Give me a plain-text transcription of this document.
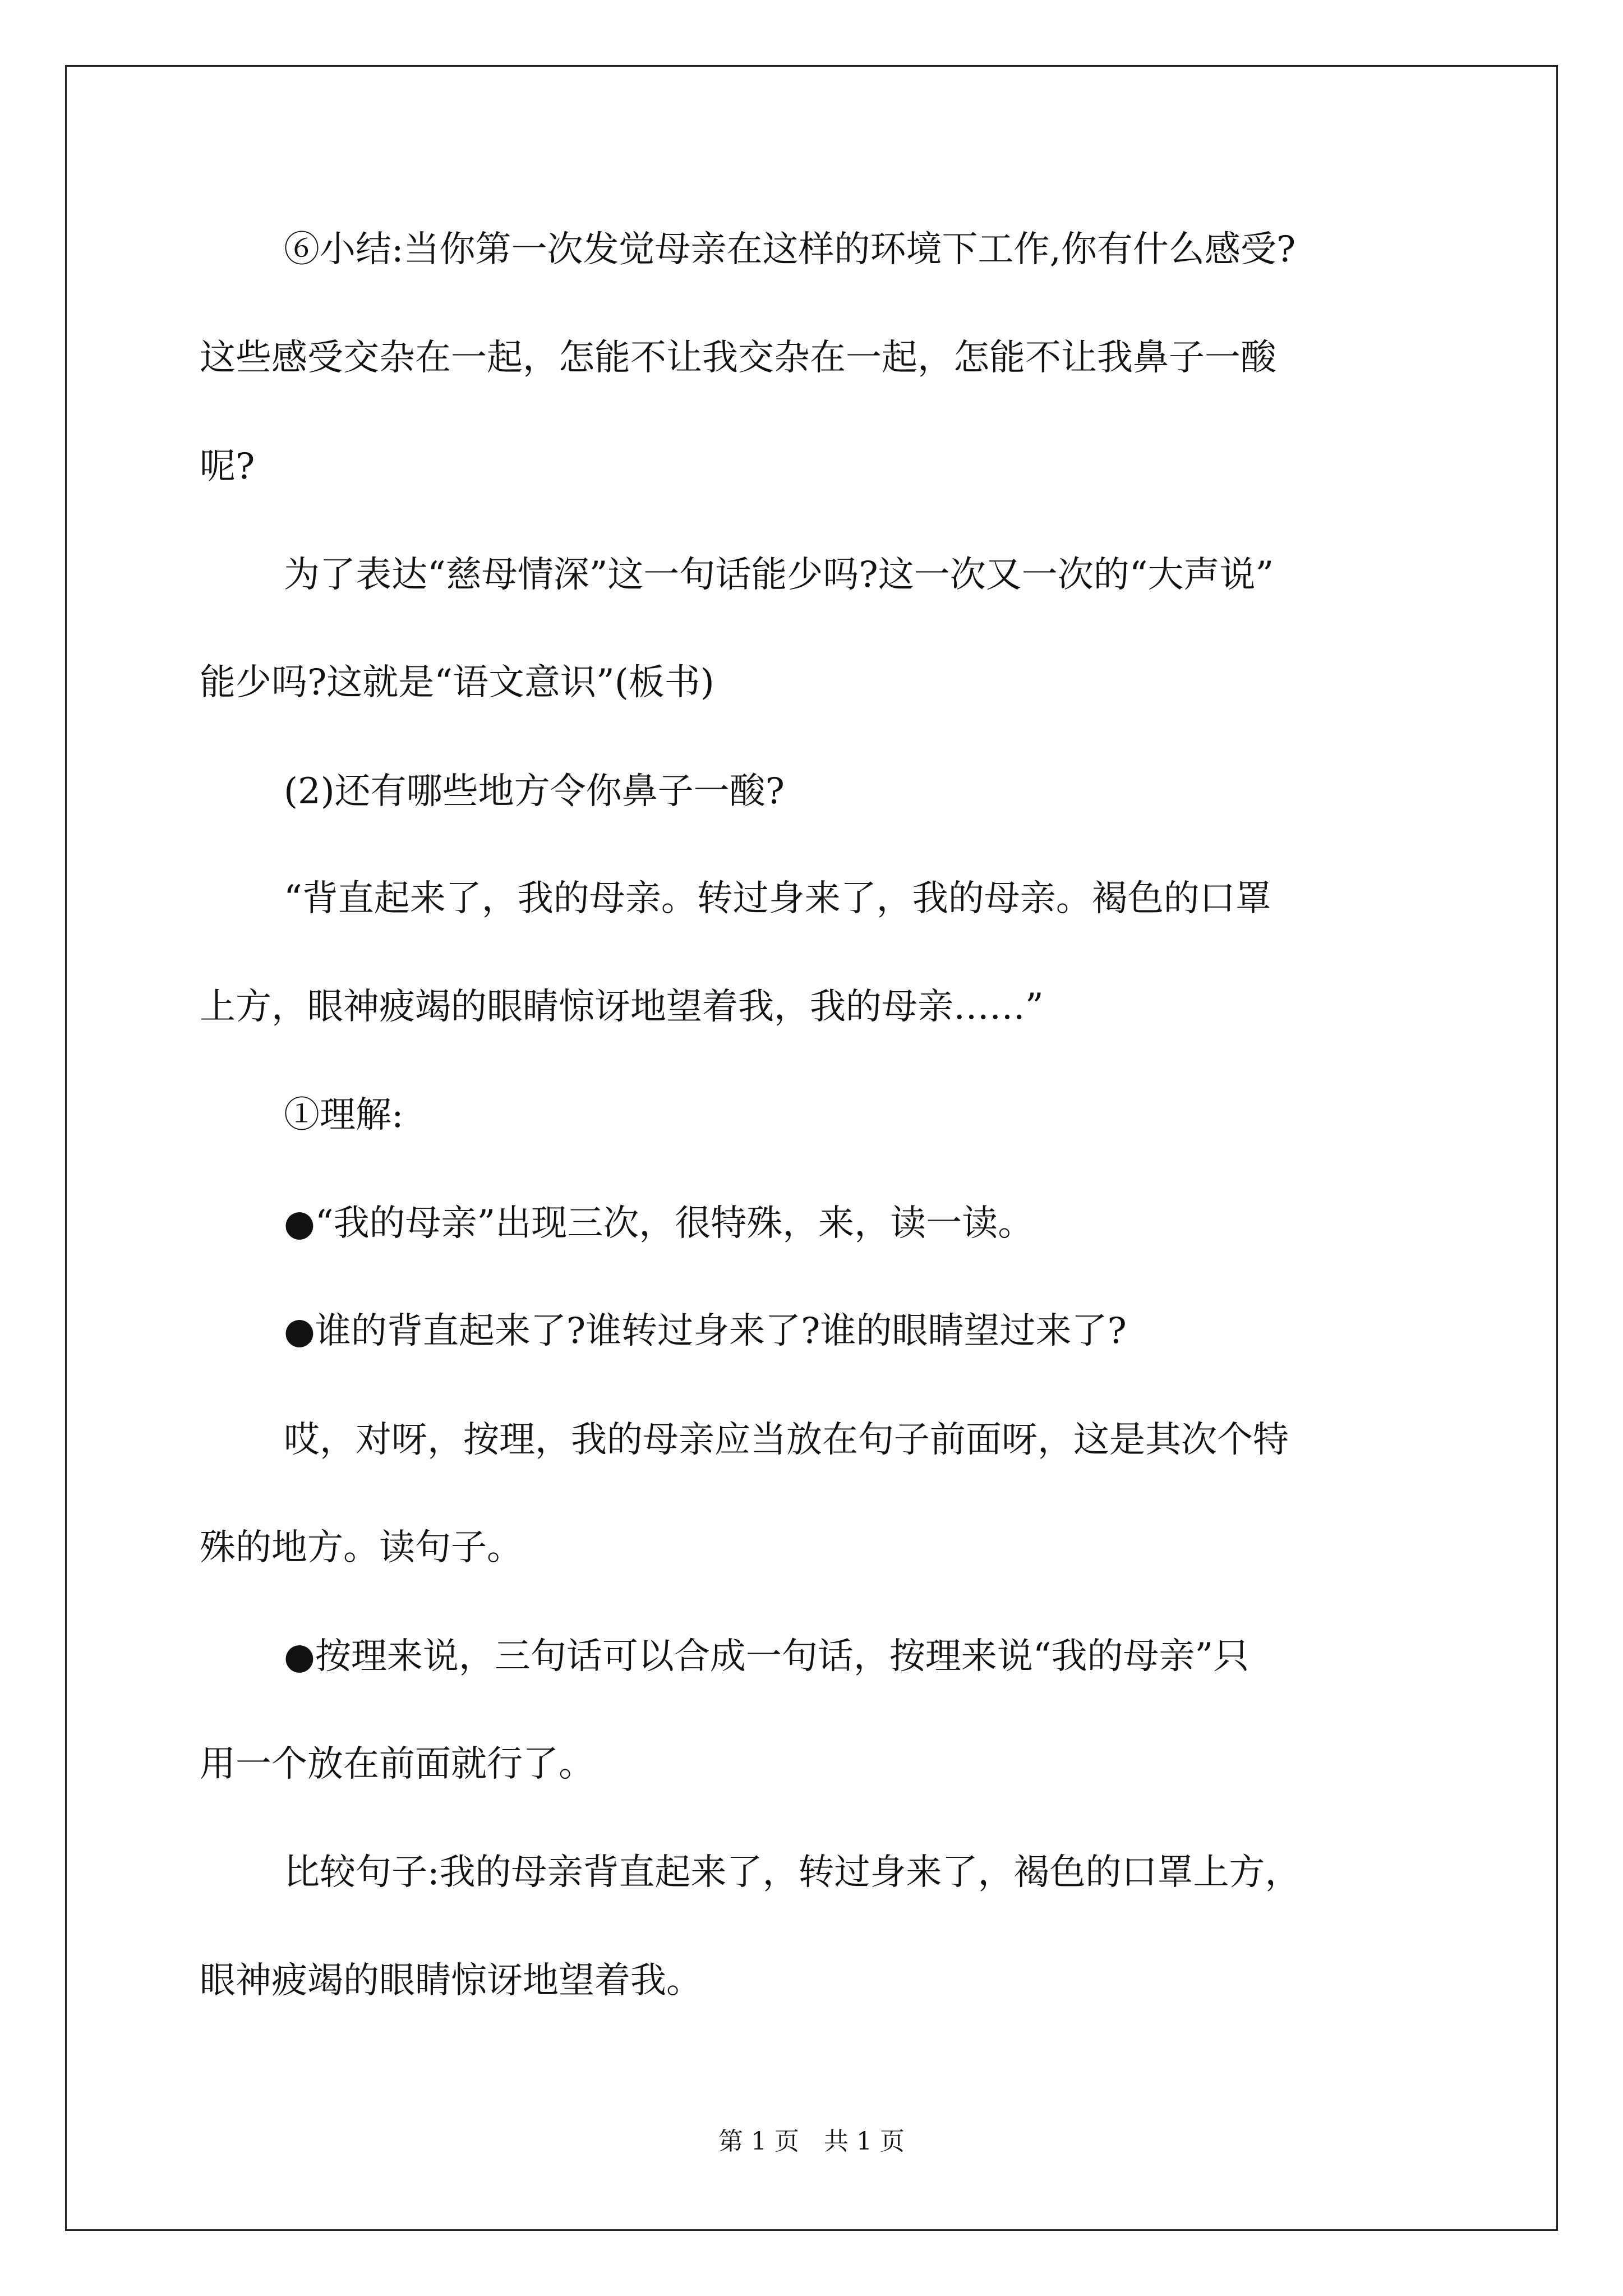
⑥小结:当你第一次发觉母亲在这样的环境下工作,你有什么感受?
这些感受交杂在一起，怎能不让我交杂在一起，怎能不让我鼻子一酸
呢?
为了表达“慈母情深”这一句话能少吗?这一次又一次的“大声说”
能少吗?这就是“语文意识”(板书)
(2)还有哪些地方令你鼻子一酸?
“背直起来了，我的母亲。转过身来了，我的母亲。褐色的口罩
上方，眼神疲竭的眼睛惊讶地望着我，我的母亲……”
①理解:
●“我的母亲”出现三次，很特殊，来，读一读。
●谁的背直起来了?谁转过身来了?谁的眼睛望过来了?
哎，对呀，按理，我的母亲应当放在句子前面呀，这是其次个特
殊的地方。读句子。
●按理来说，三句话可以合成一句话，按理来说“我的母亲”只
用一个放在前面就行了。
比较句子:我的母亲背直起来了，转过身来了，褐色的口罩上方，
眼神疲竭的眼睛惊讶地望着我。
第 1 页　共 1 页
